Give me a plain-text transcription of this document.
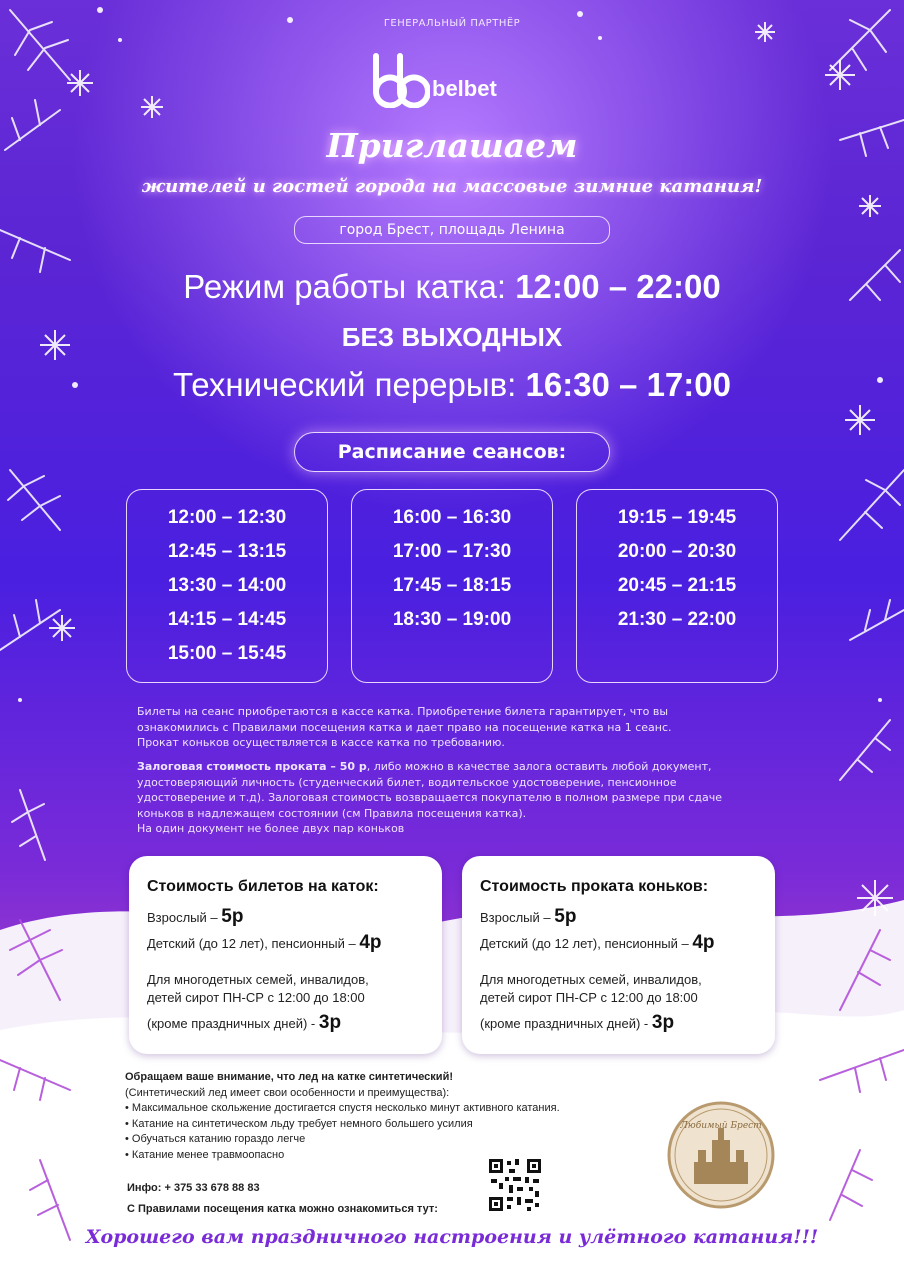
ГЕНЕРАЛЬНЫЙ ПАРТНЁР
belbet
Приглашаем
жителей и гостей города на массовые зимние катания!
город Брест, площадь Ленина
Режим работы катка: 12:00 – 22:00
БЕЗ ВЫХОДНЫХ
Технический перерыв: 16:30 – 17:00
Расписание сеансов:
12:00 – 12:30
12:45 – 13:15
13:30 – 14:00
14:15 – 14:45
15:00 – 15:45
16:00 – 16:30
17:00 – 17:30
17:45 – 18:15
18:30 – 19:00
19:15 – 19:45
20:00 – 20:30
20:45 – 21:15
21:30 – 22:00
Билеты на сеанс приобретаются в кассе катка. Приобретение билета гарантирует, что вы
ознакомились с Правилами посещения катка и дает право на посещение катка на 1 сеанс.
Прокат коньков осуществляется в кассе катка по требованию.
Залоговая стоимость проката – 50 р, либо можно в качестве залога оставить любой документ,
удостоверяющий личность (студенческий билет, водительское удостоверение, пенсионное
удостоверение и т.д). Залоговая стоимость возвращается покупателю в полном размере при сдаче
коньков в надлежащем состоянии (см Правила посещения катка).
На один документ не более двух пар коньков
Стоимость билетов на каток:
Взрослый – 5р
Детский (до 12 лет), пенсионный – 4р
Для многодетных семей, инвалидов,
детей сирот ПН-СР с 12:00 до 18:00
(кроме праздничных дней) - 3р
Стоимость проката коньков:
Взрослый – 5р
Детский (до 12 лет), пенсионный – 4р
Для многодетных семей, инвалидов,
детей сирот ПН-СР с 12:00 до 18:00
(кроме праздничных дней) - 3р
Обращаем ваше внимание, что лед на катке синтетический!
(Синтетический лед имеет свои особенности и преимущества):
• Максимальное скольжение достигается спустя несколько минут активного катания.
• Катание на синтетическом льду требует немного большего усилия
• Обучаться катанию гораздо легче
• Катание менее травмоопасно
Инфо: + 375 33 678 88 83
С Правилами посещения катка можно ознакомиться тут:
Любимый Брест
Хорошего вам праздничного настроения и улётного катания!!!
